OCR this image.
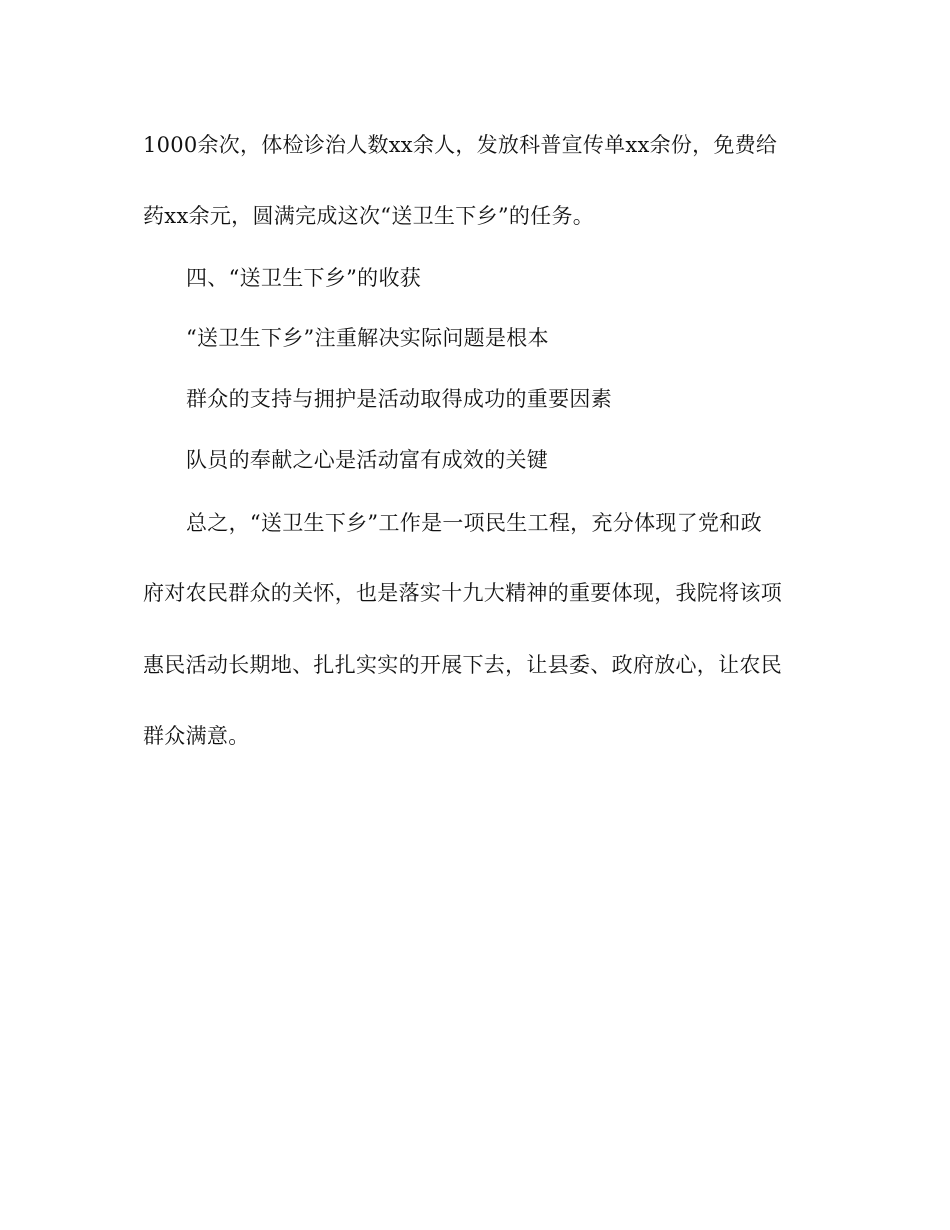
1000余次，体检诊治人数xx余人，发放科普宣传单xx余份，免费给
药xx余元，圆满完成这次“送卫生下乡”的任务。
四、“送卫生下乡”的收获
“送卫生下乡”注重解决实际问题是根本
群众的支持与拥护是活动取得成功的重要因素
队员的奉献之心是活动富有成效的关键
总之，“送卫生下乡”工作是一项民生工程，充分体现了党和政
府对农民群众的关怀，也是落实十九大精神的重要体现，我院将该项
惠民活动长期地、扎扎实实的开展下去，让县委、政府放心，让农民
群众满意。
